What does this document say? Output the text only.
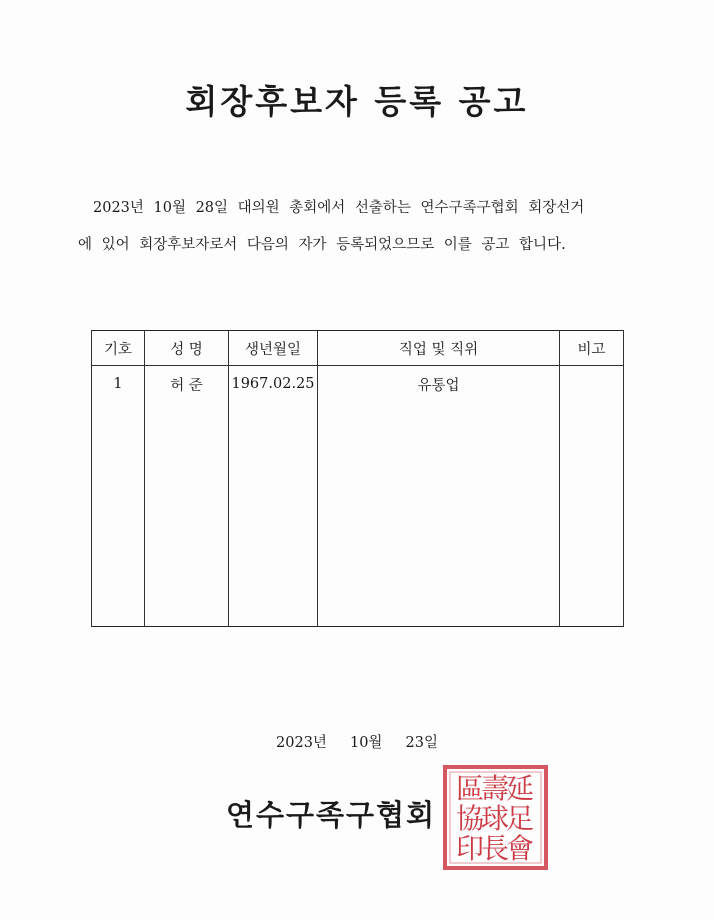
회장후보자 등록 공고

2023년 10월 28일 대의원 총회에서 선출하는 연수구족구협회 회장선거

에 있어 회장후보자로서 다음의 자가 등록되었으므로 이를 공고 합니다.

기호	성 명	생년월일	직업 및 직위	비고
1	허 준	1967.02.25	유통업	

2023년     10월     23일
연수구족구협회
延
壽
區
足
球
協
會
長
印
